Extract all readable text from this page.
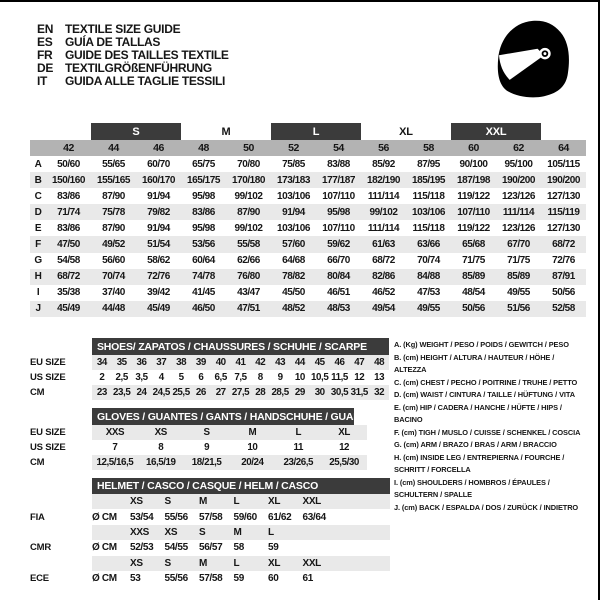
EN TEXTILE SIZE GUIDE
ES	GUÍA DE TALLAS
FR	GUIDE DES TAILLES TEXTILE
DE TEXTILGRÖßENFÜHRUNG
IT	GUIDA ALLE TAGLIE TESSILI
S	M	L	XL	XXL
42	44	46	48	50	52	54	56	58	60	62	64
A	50/60	55/65	60/70	65/75	70/80	75/85	83/88	85/92	87/95	90/100	95/100	105/115
B	150/160	155/165	160/170	165/175	170/180	173/183	177/187	182/190	185/195	187/198	190/200	190/200
C	83/86	87/90	91/94	95/98	99/102	103/106	107/110	111/114	115/118	119/122	123/126	127/130
D	71/74	75/78	79/82	83/86	87/90	91/94	95/98	99/102	103/106	107/110	111/114	115/119
E	83/86	87/90	91/94	95/98	99/102	103/106	107/110	111/114	115/118	119/122	123/126	127/130
F	47/50	49/52	51/54	53/56	55/58	57/60	59/62	61/63	63/66	65/68	67/70	68/72
G	54/58	56/60	58/62	60/64	62/66	64/68	66/70	68/72	70/74	71/75	71/75	72/76
H	68/72	70/74	72/76	74/78	76/80	78/82	80/84	82/86	84/88	85/89	85/89	87/91
I	35/38	37/40	39/42	41/45	43/47	45/50	46/51	46/52	47/53	48/54	49/55	50/56
J	45/49	44/48	45/49	46/50	47/51	48/52	48/53	49/54	49/55	50/56	51/56	52/58
SHOES/ ZAPATOS / CHAUSSURES / SCHUHE / SCARPE
EU SIZE	34 35 36 37 38	39 40 41 42 43	44 45 46 47 48
US SIZE	2	2,5 3,5	4	5	6	6,5 7,5	8	9	10 10,5 11,5 12 13
CM	23 23,5 24 24,5 25,5 26 27 27,5 28 28,5 29 30 30,5 31,5 32
GLOVES / GUANTES / GANTS / HANDSCHUHE / GUANTI
EU SIZE	XXS	XS	S	M	L	XL
US SIZE	7	8	9	10	11	12
CM	12,5/16,5	16,5/19	18/21,5	20/24	23/26,5	25,5/30
HELMET / CASCO / CASQUE / HELM / CASCO
XS	S	M	L	XL	XXL
FIA	Ø CM	53/54	55/56	57/58	59/60	61/62	63/64
XXS	XS	S	M	L
CMR	Ø CM	52/53	54/55	56/57	58	59
XS	S	M	L	XL	XXL
ECE	Ø CM	53	55/56	57/58	59	60	61
A. (Kg) WEIGHT / PESO / POIDS / GEWITCH / PESO
B. (cm) HEIGHT / ALTURA / HAUTEUR / HÖHE / ALTEZZA
C. (cm) CHEST / PECHO / POITRINE / TRUHE / PETTO
D. (cm) WAIST / CINTURA / TAILLE / HÜFTUNG / VITA
E. (cm) HIP / CADERA / HANCHE / HÜFTE / HIPS / BACINO
F. (cm) TIGH / MUSLO / CUISSE / SCHENKEL / COSCIA
G. (cm) ARM / BRAZO / BRAS / ARM / BRACCIO
H. (cm) INSIDE LEG / ENTREPIERNA / FOURCHE / SCHRITT / FORCELLA
I. (cm) SHOULDERS / HOMBROS / ÉPAULES / SCHULTERN / SPALLE
J. (cm) BACK / ESPALDA / DOS / ZURÜCK / INDIETRO
